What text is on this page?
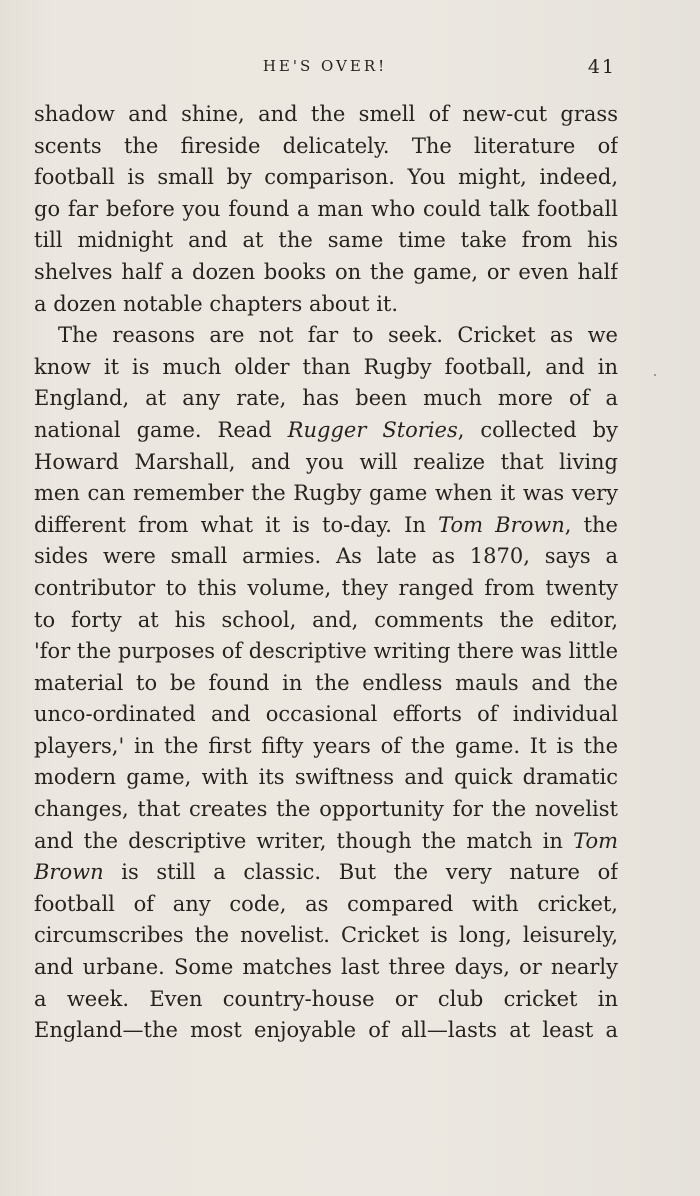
HE'S OVER!	41
shadow and shine, and the smell of new-cut grass
scents the fireside delicately. The literature of
football is small by comparison. You might, indeed,
go far before you found a man who could talk football
till midnight and at the same time take from his
shelves half a dozen books on the game, or even half
a dozen notable chapters about it.
The reasons are not far to seek. Cricket as we
know it is much older than Rugby football, and in
England, at any rate, has been much more of a
national game. Read Rugger Stories, collected by
Howard Marshall, and you will realize that living
men can remember the Rugby game when it was very
different from what it is to-day. In Tom Brown, the
sides were small armies. As late as 1870, says a
contributor to this volume, they ranged from twenty
to forty at his school, and, comments the editor,
'for the purposes of descriptive writing there was little
material to be found in the endless mauls and the
unco-ordinated and occasional efforts of individual
players,' in the first fifty years of the game. It is the
modern game, with its swiftness and quick dramatic
changes, that creates the opportunity for the novelist
and the descriptive writer, though the match in Tom
Brown is still a classic. But the very nature of
football of any code, as compared with cricket,
circumscribes the novelist. Cricket is long, leisurely,
and urbane. Some matches last three days, or nearly
a week. Even country-house or club cricket in
England—the most enjoyable of all—lasts at least a
